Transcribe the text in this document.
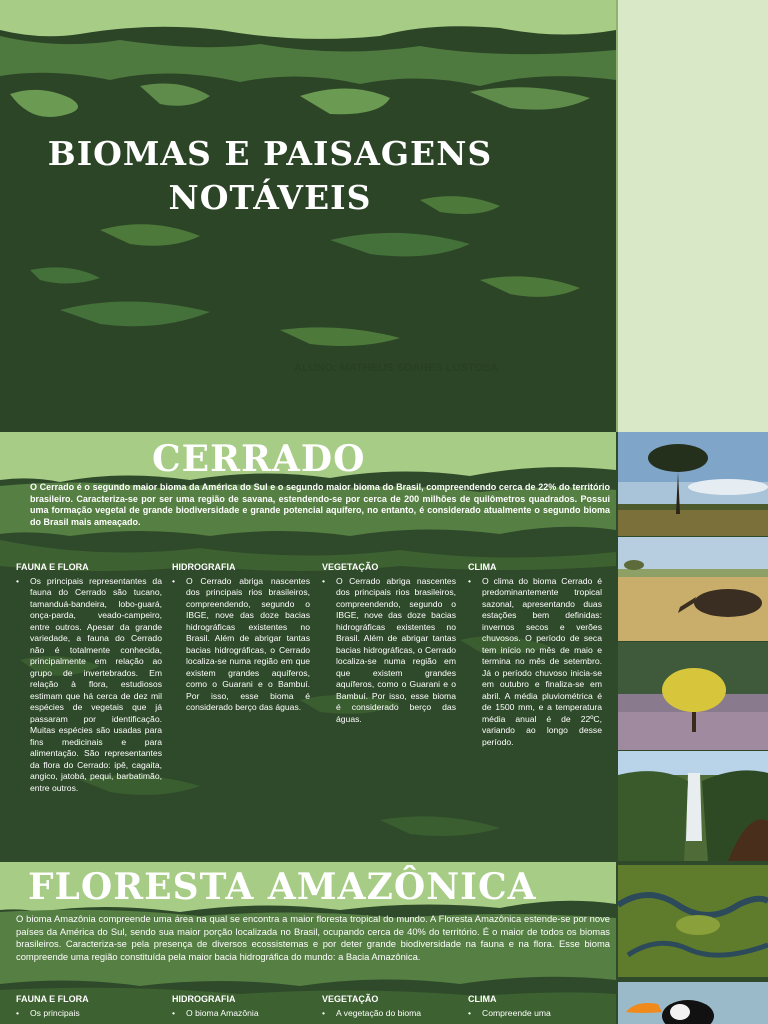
BIOMAS E PAISAGENS
NOTÁVEIS
ALUNO: MATHEUS SOARES LUSTOSA
CERRADO
O Cerrado é o segundo maior bioma da América do Sul e o segundo maior bioma do Brasil, compreendendo cerca de 22% do território brasileiro. Caracteriza-se por ser uma região de savana, estendendo-se por cerca de 200 milhões de quilômetros quadrados. Possui uma formação vegetal de grande biodiversidade e grande potencial aquífero, no entanto, é considerado atualmente o segundo bioma do Brasil mais ameaçado.
FAUNA E FLORA
•	Os principais representantes da fauna do Cerrado são tucano, tamanduá-bandeira, lobo-guará, onça-parda, veado-campeiro, entre outros. Apesar da grande variedade, a fauna do Cerrado não é totalmente conhecida, principalmente em relação ao grupo de invertebrados. Em relação à flora, estudiosos estimam que há cerca de dez mil espécies de vegetais que já passaram por identificação. Muitas espécies são usadas para fins medicinais e para alimentação. São representantes da flora do Cerrado: ipê, cagaita, angico, jatobá, pequi, barbatimão, entre outros.
HIDROGRAFIA
•	O Cerrado abriga nascentes dos principais rios brasileiros, compreendendo, segundo o IBGE, nove das doze bacias hidrográficas existentes no Brasil. Além de abrigar tantas bacias hidrográficas, o Cerrado localiza-se numa região em que existem grandes aquíferos, como o Guarani e o Bambuí. Por isso, esse bioma é considerado berço das águas.
VEGETAÇÃO
•	O Cerrado abriga nascentes dos principais rios brasileiros, compreendendo, segundo o IBGE, nove das doze bacias hidrográficas existentes no Brasil. Além de abrigar tantas bacias hidrográficas, o Cerrado localiza-se numa região em que existem grandes aquíferos, como o Guarani e o Bambuí. Por isso, esse bioma é considerado berço das águas.
CLIMA
•	O clima do bioma Cerrado é predominantemente tropical sazonal, apresentando duas estações bem definidas: invernos secos e verões chuvosos. O período de seca tem início no mês de maio e termina no mês de setembro. Já o período chuvoso inicia-se em outubro e finaliza-se em abril. A média pluviométrica é de 1500 mm, e a temperatura média anual é de 22ºC, variando ao longo desse período.
FLORESTA AMAZÔNICA
O bioma Amazônia compreende uma área na qual se encontra a maior floresta tropical do mundo. A Floresta Amazônica estende-se por nove países da América do Sul, sendo sua maior porção localizada no Brasil, ocupando cerca de 40% do território. É o maior de todos os biomas brasileiros. Caracteriza-se pela presença de diversos ecossistemas e por deter grande biodiversidade na fauna e na flora. Esse bioma compreende uma região constituída pela maior bacia hidrográfica do mundo: a Bacia Amazônica.
FAUNA E FLORA
•	Os principais
HIDROGRAFIA
•	O bioma Amazônia
VEGETAÇÃO
•	A vegetação do bioma
CLIMA
•	Compreende uma
